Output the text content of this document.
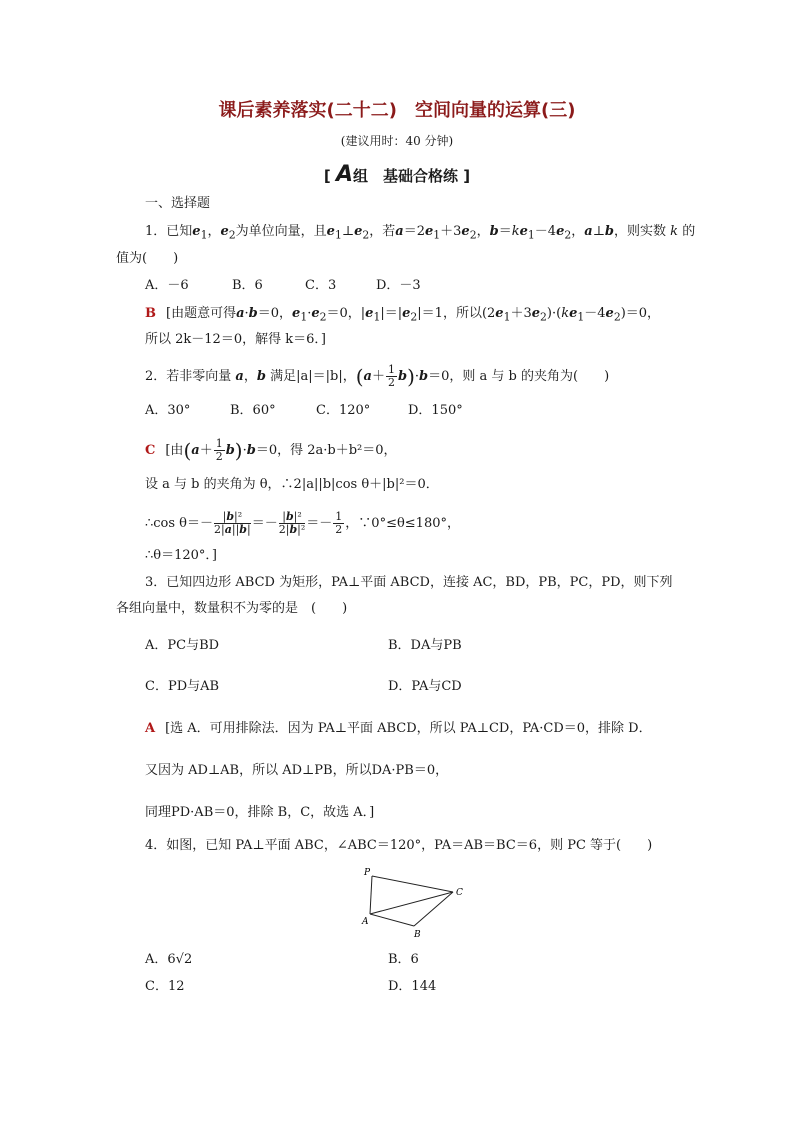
课后素养落实(二十二)　空间向量的运算(三)
(建议用时：40 分钟)
[ A组　基础合格练 ]
一、选择题
1．已知$e_1$，$e_2$为单位向量，且$e_1\perp e_2$，若$a=2e_1+3e_2$，$b=ke_1-4e_2$，a⊥b，则实数 k 的
值为(　　)
A．－6	B．6	C．3	D．－3
B [由题意可得a·b＝0，$e_1\cdot e_2=0$，$|e_1|=|e_2|=1$，所以$(2e_1+3e_2)\cdot(ke_1-4e_2)=0$，
所以 2k－12＝0，解得 k＝6．]
2．若非零向量 a，b 满足|a|＝|b|，$(a+ \frac{1}{2} b)\cdot b=0$，则 a 与 b 的夹角为(　　)
A．30°	B．60°	C．120°	D．150°
C [由$(a+ \frac{1}{2} b)\cdot b=0$，得 2a·b＋b²＝0，
设 a 与 b 的夹角为 θ，∴2|a||b|cos θ＋|b|²＝0．
∴cos $\theta=- \frac{\text{|b|²}}{2|a||b|} =- \frac{\text{|b|²}}{\text{2|b|²}} =- \frac{1}{2}$ ，∵0°≤θ≤180°，
∴θ＝120°．]
3．已知四边形 ABCD 为矩形，PA⊥平面 ABCD，连接 AC，BD，PB，PC，PD，则下列
各组向量中，数量积不为零的是　(　　)
A．PC与BD	B．DA与PB
C．PD与AB	D．PA与CD
A [选 A．可用排除法．因为 PA⊥平面 ABCD，所以 PA⊥CD，PA·CD＝0，排除 D．
又因为 AD⊥AB，所以 AD⊥PB，所以DA·PB＝0，
同理PD·AB＝0，排除 B，C，故选 A．]
4．如图，已知 PA⊥平面 ABC，∠ABC＝120°，PA＝AB＝BC＝6，则 PC 等于(　　)
P
C
A
B
A．6√2	B．6
C．12	D．144
